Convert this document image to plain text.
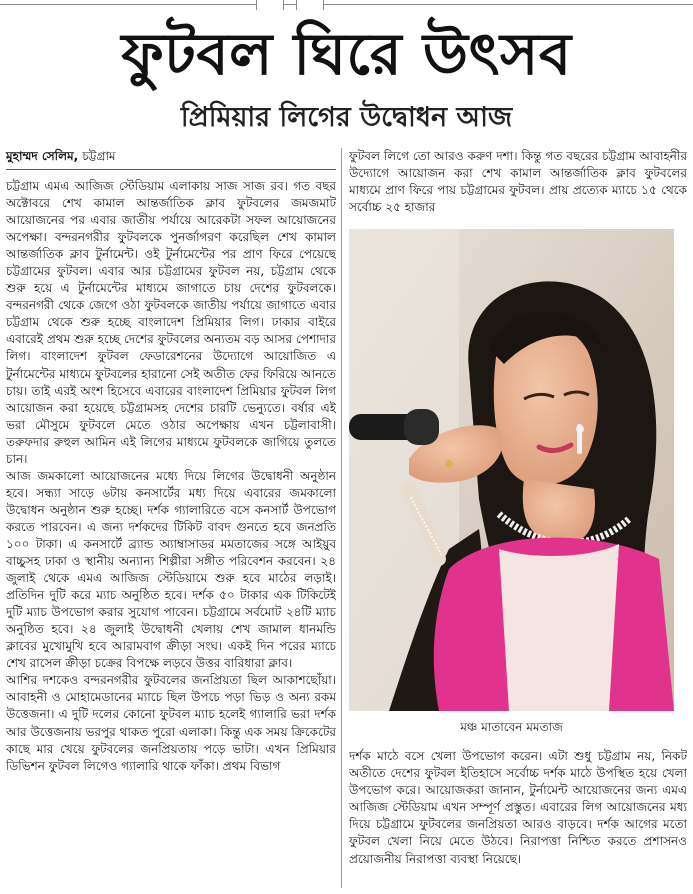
ফুটবল ঘিরে উৎসব
প্রিমিয়ার লিগের উদ্বোধন আজ
মুহাম্মদ সেলিম, চট্টগ্রাম

চট্টগ্রাম এমএ আজিজ স্টেডিয়াম এলাকায় সাজ সাজ রব। গত বছর অক্টোবরে শেখ কামাল আন্তর্জাতিক ক্লাব ফুটবলের জমজমাট আয়োজনের পর এবার জাতীয় পর্যায়ে আরেকটা সফল আয়োজনের অপেক্ষা। বন্দরনগরীর ফুটবলকে পুনর্জাগরণ করেছিল শেখ কামাল আন্তর্জাতিক ক্লাব টুর্নামেন্ট। ওই টুর্নামেন্টের পর প্রাণ ফিরে পেয়েছে চট্টগ্রামের ফুটবল। এবার আর চট্টগ্রামের ফুটবল নয়, চট্টগ্রাম থেকে শুরু হয়ে এ টুর্নামেন্টের মাধ্যমে জাগাতে চায় দেশের ফুটবলকে। বন্দরনগরী থেকে জেগে ওঠা ফুটবলকে জাতীয় পর্যায়ে জাগাতে এবার চট্টগ্রাম থেকে শুরু হচ্ছে বাংলাদেশ প্রিমিয়ার লিগ। ঢাকার বাইরে এবারেই প্রথম শুরু হচ্ছে দেশের ফুটবলের অন্যতম বড় আসর পেশাদার লিগ। বাংলাদেশ ফুটবল ফেডারেশনের উদ্যোগে আয়োজিত এ টুর্নামেন্টের মাধ্যমে ফুটবলের হারানো সেই অতীত ফের ফিরিয়ে আনতে চায়। তাই এরই অংশ হিসেবে এবারের বাংলাদেশ প্রিমিয়ার ফুটবল লিগ আয়োজন করা হয়েছে চট্টগ্রামসহ দেশের চারটি ভেন্যুতে। বর্ষার এই ভরা মৌসুমে ফুটবলে মেতে ওঠার অপেক্ষায় এখন চট্টলাবাসী। তরুফদার রুহুল আমিন এই লিগের মাধ্যমে ফুটবলকে জাগিয়ে তুলতে চান।

আজ জমকালো আয়োজনের মধ্যে দিয়ে লিগের উদ্বোধনী অনুষ্ঠান হবে। সন্ধ্যা সাড়ে ৬টায় কনসার্টের মধ্য দিয়ে এবারের জমকালো উদ্বোধন অনুষ্ঠান শুরু হচ্ছে। দর্শক গ্যালারিতে বসে কনসার্ট উপভোগ করতে পারবেন। এ জন্য দর্শকদের টিকিট বাবদ গুনতে হবে জনপ্রতি ১০০ টাকা। এ কনসার্টে ব্র্যান্ড অ্যাম্বাসাডর মমতাজের সঙ্গে আইয়ুব বাচ্চুসহ ঢাকা ও স্থানীয় অন্যান্য শিল্পীরা সঙ্গীত পরিবেশন করবেন। ২৪ জুলাই থেকে এমএ আজিজ স্টেডিয়ামে শুরু হবে মাঠের লড়াই। প্রতিদিন দুটি করে ম্যাচ অনুষ্ঠিত হবে। দর্শক ৫০ টাকার এক টিকিটেই দুটি ম্যাচ উপভোগ করার সুযোগ পাবেন। চট্টগ্রামে সর্বমোট ২৪টি ম্যাচ অনুষ্ঠিত হবে। ২৪ জুলাই উদ্বোধনী খেলায় শেখ জামাল ধানমন্ডি ক্লাবের মুখোমুখি হবে আরামবাগ ক্রীড়া সংঘ। একই দিন পরের ম্যাচে শেখ রাসেল ক্রীড়া চক্রের বিপক্ষে লড়বে উত্তর বারিধারা ক্লাব।

আশির দশকেও বন্দরনগরীর ফুটবলের জনপ্রিয়তা ছিল আকাশছোঁয়া। আবাহনী ও মোহামেডানের ম্যাচে ছিল উপচে পড়া ভিড় ও অন্য রকম উত্তেজনা। এ দুটি দলের কোনো ফুটবল ম্যাচ হলেই গ্যালারি ভরা দর্শক আর উত্তেজনায় ভরপুর থাকত পুরো এলাকা। কিন্তু এক সময় ক্রিকেটের কাছে মার খেয়ে ফুটবলের জনপ্রিয়তায় পড়ে ভাটা। এখন প্রিমিয়ার ডিভিশন ফুটবল লিগেও গ্যালারি থাকে ফাঁকা। প্রথম বিভাগ

ফুটবল লিগে তো আরও করুণ দশা। কিন্তু গত বছরের চট্টগ্রাম আবাহনীর উদ্যোগে আয়োজন করা শেখ কামাল আন্তর্জাতিক ক্লাব ফুটবলের মাধ্যমে প্রাণ ফিরে পায় চট্টগ্রামের ফুটবল। প্রায় প্রত্যেক ম্যাচে ১৫ থেকে সর্বোচ্চ ২৫ হাজার
মঞ্চ মাতাবেন মমতাজ
দর্শক মাঠে বসে খেলা উপভোগ করেন। এটা শুধু চট্টগ্রাম নয়, নিকট অতীতে দেশের ফুটবল ইতিহাসে সর্বোচ্চ দর্শক মাঠে উপস্থিত হয়ে খেলা উপভোগ করে। আয়োজকরা জানান, টুর্নামেন্ট আয়োজনের জন্য এমএ আজিজ স্টেডিয়াম এখন সম্পূর্ণ প্রস্তুত। এবারের লিগ আয়োজনের মধ্য দিয়ে চট্টগ্রামে ফুটবলের জনপ্রিয়তা আরও বাড়বে। দর্শক আগের মতো ফুটবল খেলা নিয়ে মেতে উঠবে। নিরাপত্তা নিশ্চিত করতে প্রশাসনও প্রয়োজনীয় নিরাপত্তা ব্যবস্থা নিয়েছে।
